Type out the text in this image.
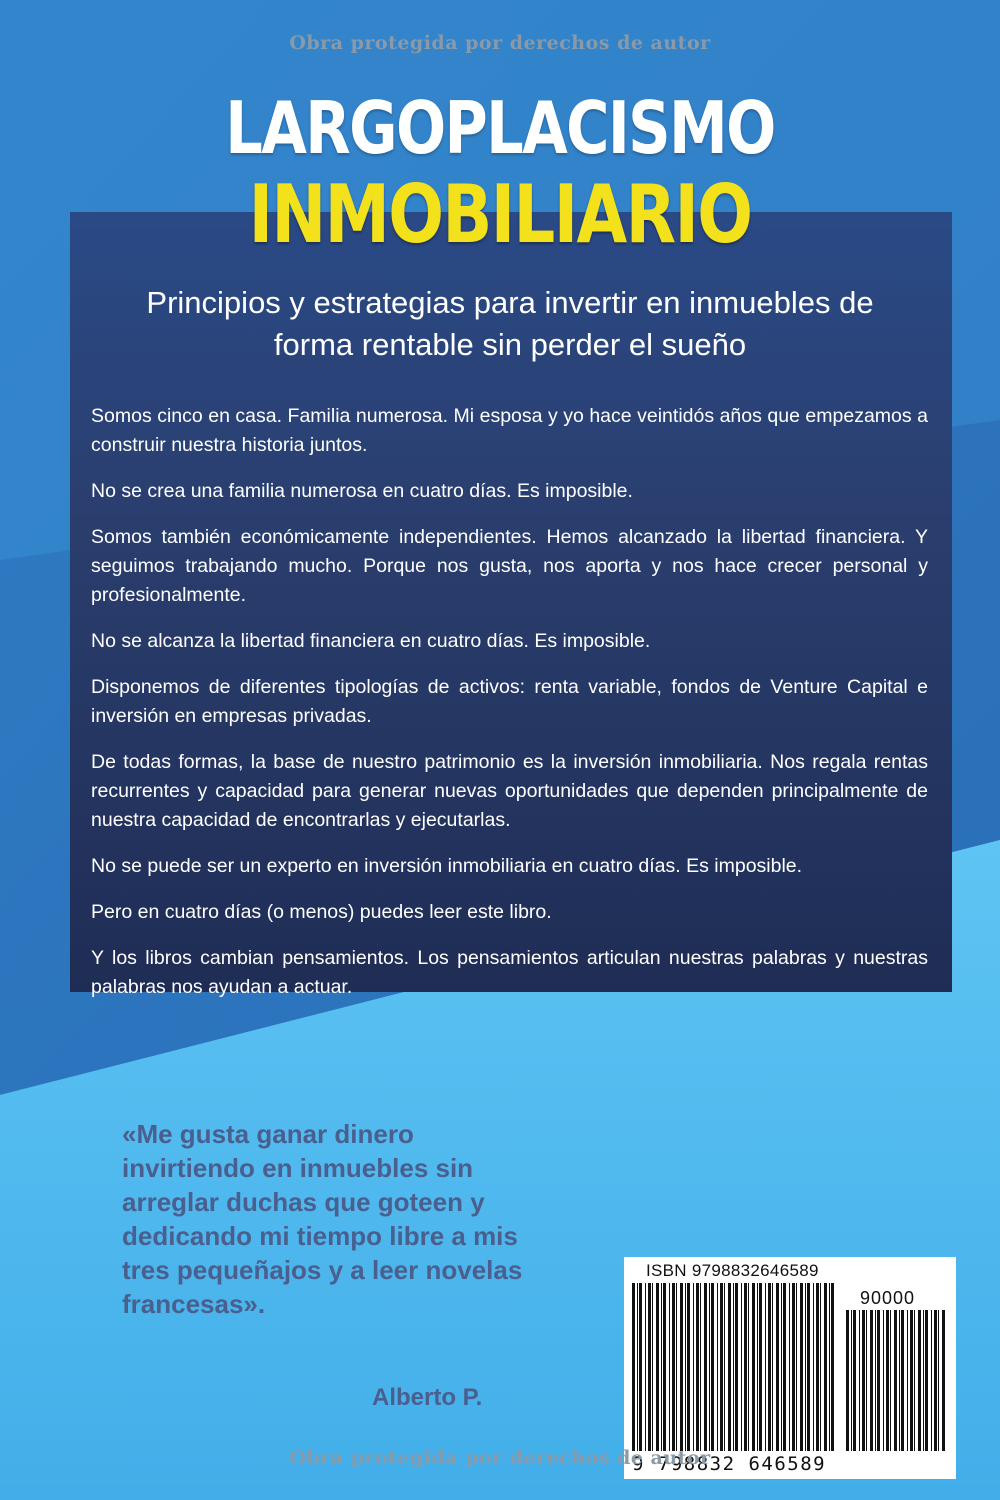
Obra protegida por derechos de autor
LARGOPLACISMO
INMOBILIARIO
Principios y estrategias para invertir en inmuebles de forma rentable sin perder el sueño

Somos cinco en casa. Familia numerosa. Mi esposa y yo hace veintidós años que empezamos a construir nuestra historia juntos.

No se crea una familia numerosa en cuatro días. Es imposible.

Somos también económicamente independientes. Hemos alcanzado la libertad financiera. Y seguimos trabajando mucho. Porque nos gusta, nos aporta y nos hace crecer personal y profesionalmente.

No se alcanza la libertad financiera en cuatro días. Es imposible.

Disponemos de diferentes tipologías de activos: renta variable, fondos de Venture Capital e inversión en empresas privadas.

De todas formas, la base de nuestro patrimonio es la inversión inmobiliaria. Nos regala rentas recurrentes y capacidad para generar nuevas oportunidades que dependen principalmente de nuestra capacidad de encontrarlas y ejecutarlas.

No se puede ser un experto en inversión inmobiliaria en cuatro días. Es imposible.

Pero en cuatro días (o menos) puedes leer este libro.

Y los libros cambian pensamientos. Los pensamientos articulan nuestras palabras y nuestras palabras nos ayudan a actuar.

«Me gusta ganar dinero invirtiendo en inmuebles sin arreglar duchas que goteen y dedicando mi tiempo libre a mis tres pequeñajos y a leer novelas francesas».
Alberto P.
ISBN 9798832646589
90000
9 798832 646589
Obra protegida por derechos de autor
